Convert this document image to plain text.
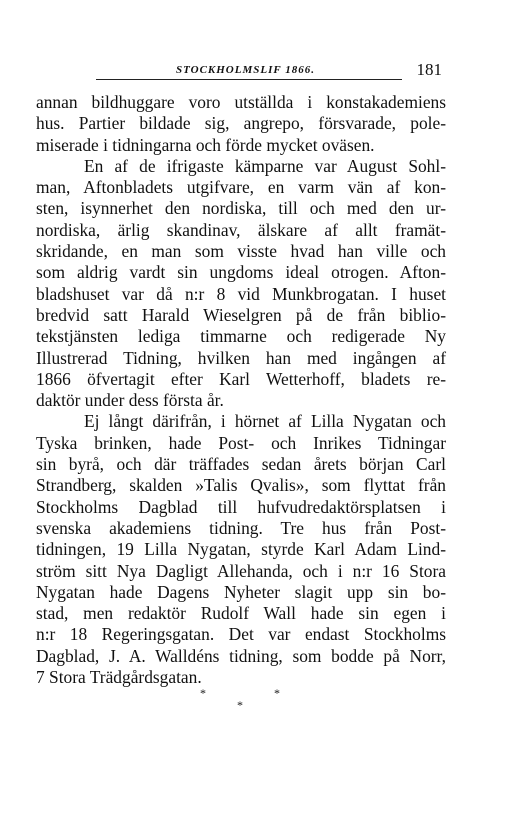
STOCKHOLMSLIF 1866.	181
annan bildhuggare voro utställda i konstakademiens
hus. Partier bildade sig, angrepo, försvarade, pole-
miserade i tidningarna och förde mycket oväsen.
En af de ifrigaste kämparne var August Sohl-
man, Aftonbladets utgifvare, en varm vän af kon-
sten, isynnerhet den nordiska, till och med den ur-
nordiska, ärlig skandinav, älskare af allt framät-
skridande, en man som visste hvad han ville och
som aldrig vardt sin ungdoms ideal otrogen. Afton-
bladshuset var då n:r 8 vid Munkbrogatan. I huset
bredvid satt Harald Wieselgren på de från biblio-
tekstjänsten lediga timmarne och redigerade Ny
Illustrerad Tidning, hvilken han med ingången af
1866 öfvertagit efter Karl Wetterhoff, bladets re-
daktör under dess första år.
Ej långt därifrån, i hörnet af Lilla Nygatan och
Tyska brinken, hade Post- och Inrikes Tidningar
sin byrå, och där träffades sedan årets början Carl
Strandberg, skalden »Talis Qvalis», som flyttat från
Stockholms Dagblad till hufvudredaktörsplatsen i
svenska akademiens tidning. Tre hus från Post-
tidningen, 19 Lilla Nygatan, styrde Karl Adam Lind-
ström sitt Nya Dagligt Allehanda, och i n:r 16 Stora
Nygatan hade Dagens Nyheter slagit upp sin bo-
stad, men redaktör Rudolf Wall hade sin egen i
n:r 18 Regeringsgatan. Det var endast Stockholms
Dagblad, J. A. Walldéns tidning, som bodde på Norr,
7 Stora Trädgårdsgatan.
*	*
*
